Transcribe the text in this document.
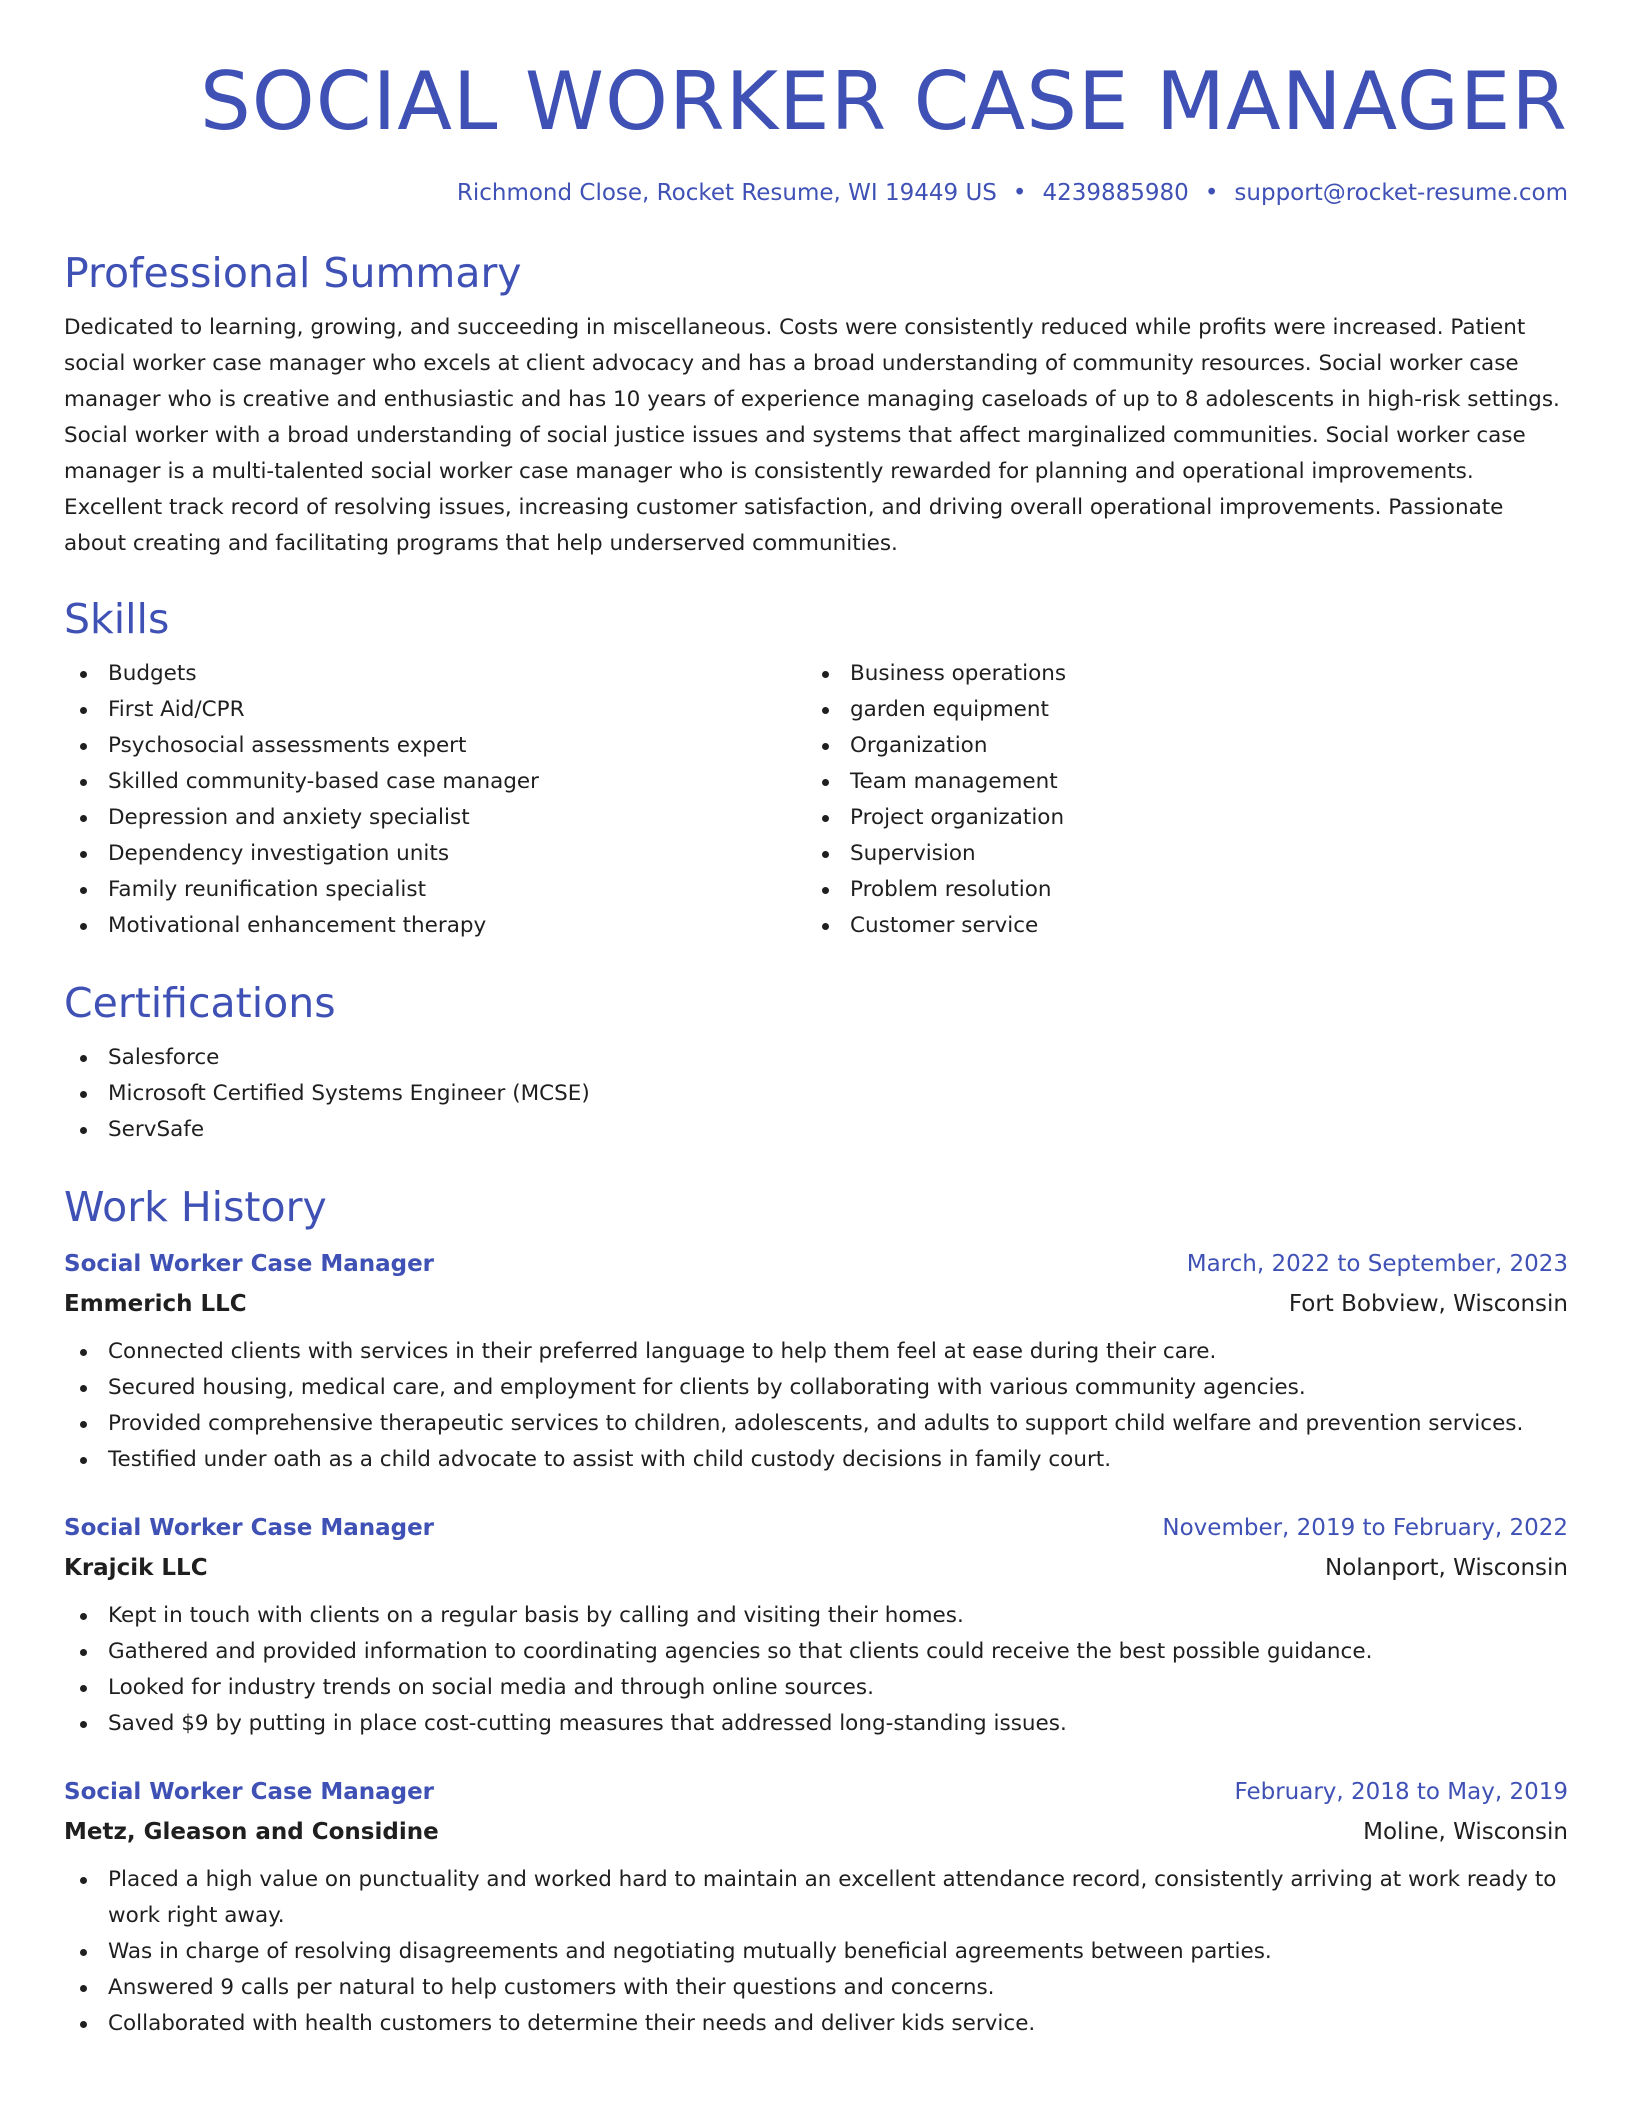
SOCIAL WORKER CASE MANAGER
Richmond Close, Rocket Resume, WI 19449 US • 4239885980 • support@rocket-resume.com
Professional Summary

Dedicated to learning, growing, and succeeding in miscellaneous. Costs were consistently reduced while profits were increased. Patient social worker case manager who excels at client advocacy and has a broad understanding of community resources. Social worker case manager who is creative and enthusiastic and has 10 years of experience managing caseloads of up to 8 adolescents in high-risk settings. Social worker with a broad understanding of social justice issues and systems that affect marginalized communities. Social worker case manager is a multi-talented social worker case manager who is consistently rewarded for planning and operational improvements. Excellent track record of resolving issues, increasing customer satisfaction, and driving overall operational improvements. Passionate about creating and facilitating programs that help underserved communities.

Skills
Budgets
First Aid/CPR
Psychosocial assessments expert
Skilled community-based case manager
Depression and anxiety specialist
Dependency investigation units
Family reunification specialist
Motivational enhancement therapy
Business operations
garden equipment
Organization
Team management
Project organization
Supervision
Problem resolution
Customer service
Certifications
Salesforce
Microsoft Certified Systems Engineer (MCSE)
ServSafe
Work History
Social Worker Case Manager	March, 2022 to September, 2023
Emmerich LLC	Fort Bobview, Wisconsin
Connected clients with services in their preferred language to help them feel at ease during their care.
Secured housing, medical care, and employment for clients by collaborating with various community agencies.
Provided comprehensive therapeutic services to children, adolescents, and adults to support child welfare and prevention services.
Testified under oath as a child advocate to assist with child custody decisions in family court.
Social Worker Case Manager	November, 2019 to February, 2022
Krajcik LLC	Nolanport, Wisconsin
Kept in touch with clients on a regular basis by calling and visiting their homes.
Gathered and provided information to coordinating agencies so that clients could receive the best possible guidance.
Looked for industry trends on social media and through online sources.
Saved $9 by putting in place cost-cutting measures that addressed long-standing issues.
Social Worker Case Manager	February, 2018 to May, 2019
Metz, Gleason and Considine	Moline, Wisconsin
Placed a high value on punctuality and worked hard to maintain an excellent attendance record, consistently arriving at work ready to work right away.
Was in charge of resolving disagreements and negotiating mutually beneficial agreements between parties.
Answered 9 calls per natural to help customers with their questions and concerns.
Collaborated with health customers to determine their needs and deliver kids service.
